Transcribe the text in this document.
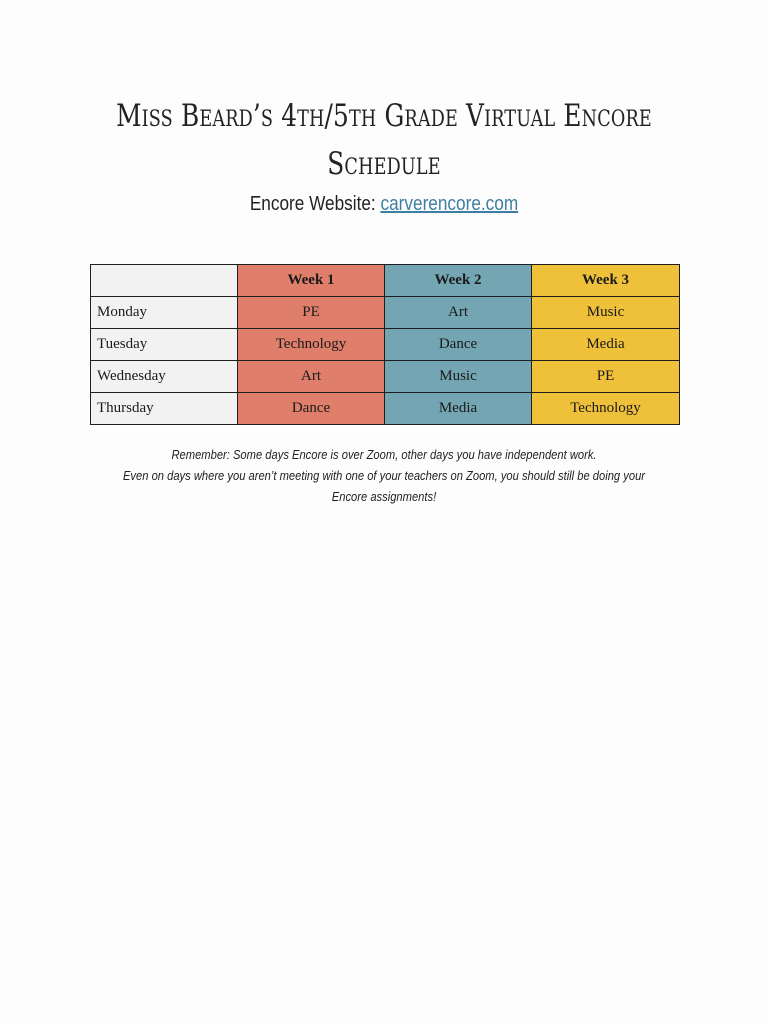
Miss Beard’s 4th/5th Grade Virtual Encore Schedule
Encore Website: carverencore.com
	Week 1	Week 2	Week 3
Monday	PE	Art	Music
Tuesday	Technology	Dance	Media
Wednesday	Art	Music	PE
Thursday	Dance	Media	Technology

Remember: Some days Encore is over Zoom, other days you have independent work.

Even on days where you aren’t meeting with one of your teachers on Zoom, you should still be doing your Encore assignments!
